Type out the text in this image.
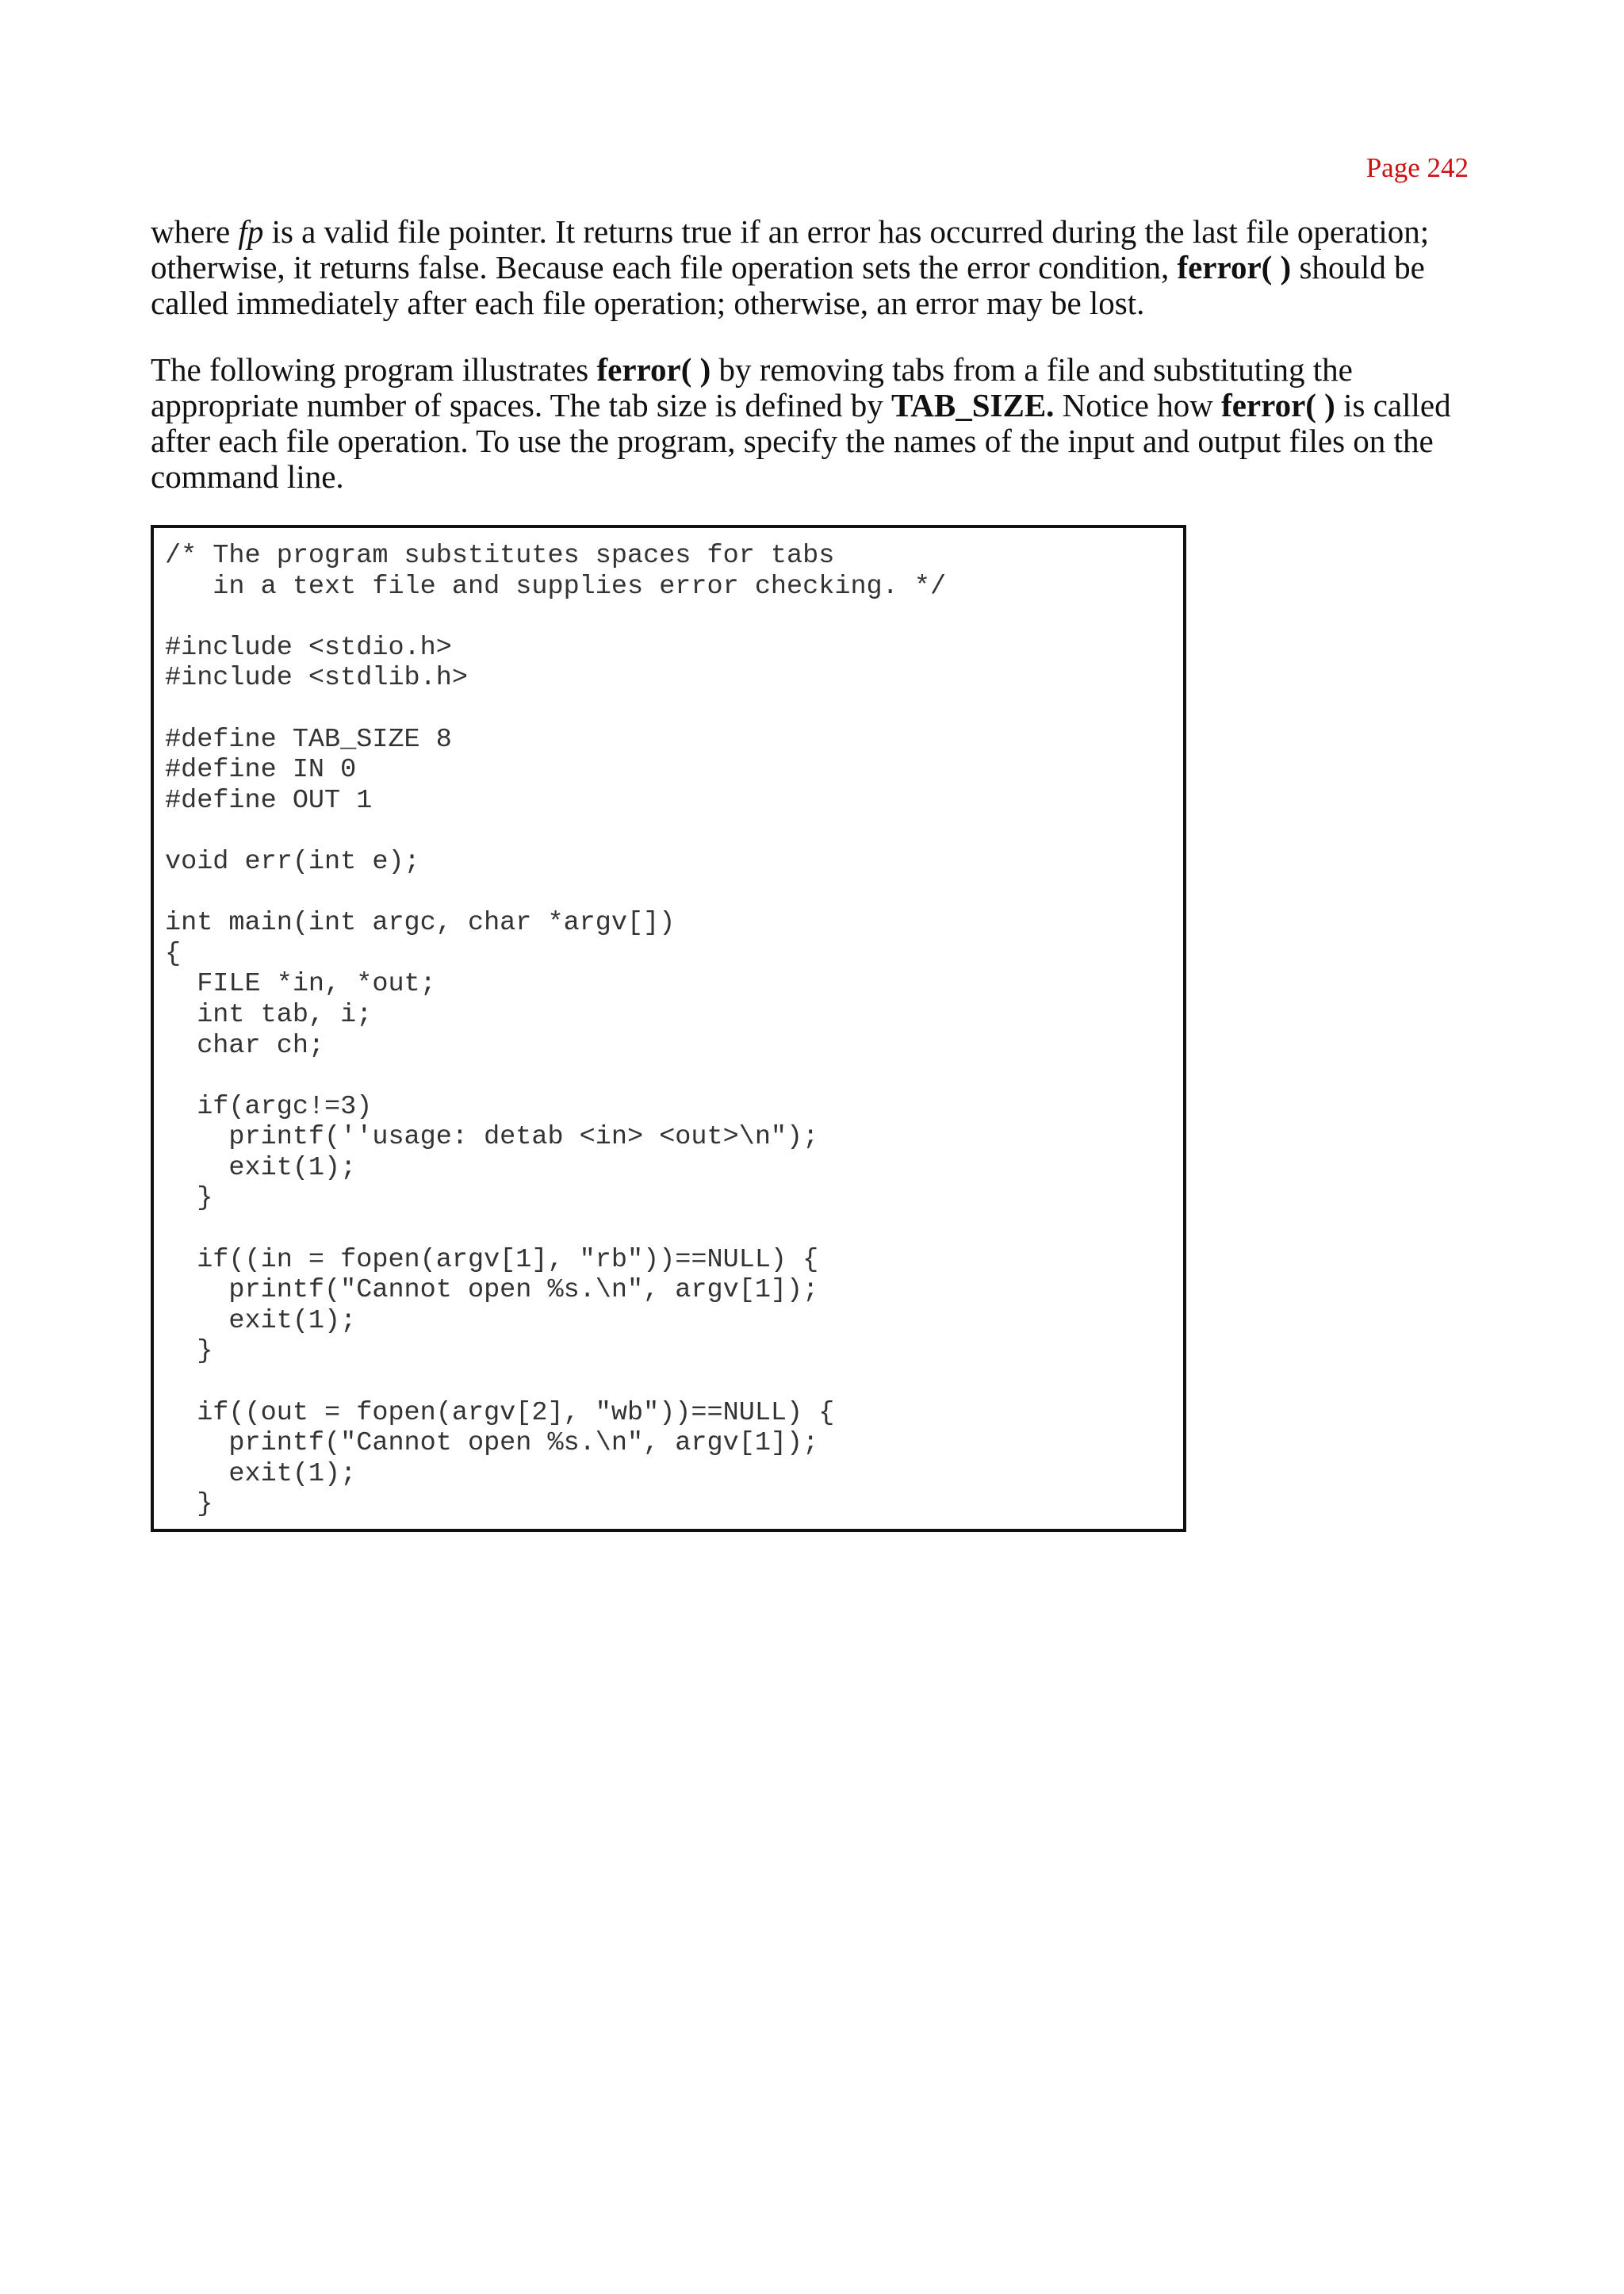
Page 242
where fp is a valid file pointer. It returns true if an error has occurred during the last file operation; otherwise, it returns false. Because each file operation sets the error condition, ferror( ) should be called immediately after each file operation; otherwise, an error may be lost.
The following program illustrates ferror( ) by removing tabs from a file and substituting the appropriate number of spaces. The tab size is defined by TAB_SIZE. Notice how ferror( ) is called after each file operation. To use the program, specify the names of the input and output files on the command line.
/* The program substitutes spaces for tabs
in a text file and supplies error checking. */

#include <stdio.h>
#include <stdlib.h>

#define TAB_SIZE 8
#define IN 0
#define OUT 1

void err(int e);

int main(int argc, char *argv[])
{
FILE *in, *out;
int tab, i;
char ch;

if(argc!=3)
printf(''usage: detab <in> <out>\n");
exit(1);
}

if((in = fopen(argv[1], "rb"))==NULL) {
printf("Cannot open %s.\n", argv[1]);
exit(1);
}

if((out = fopen(argv[2], "wb"))==NULL) {
printf("Cannot open %s.\n", argv[1]);
exit(1);
}
